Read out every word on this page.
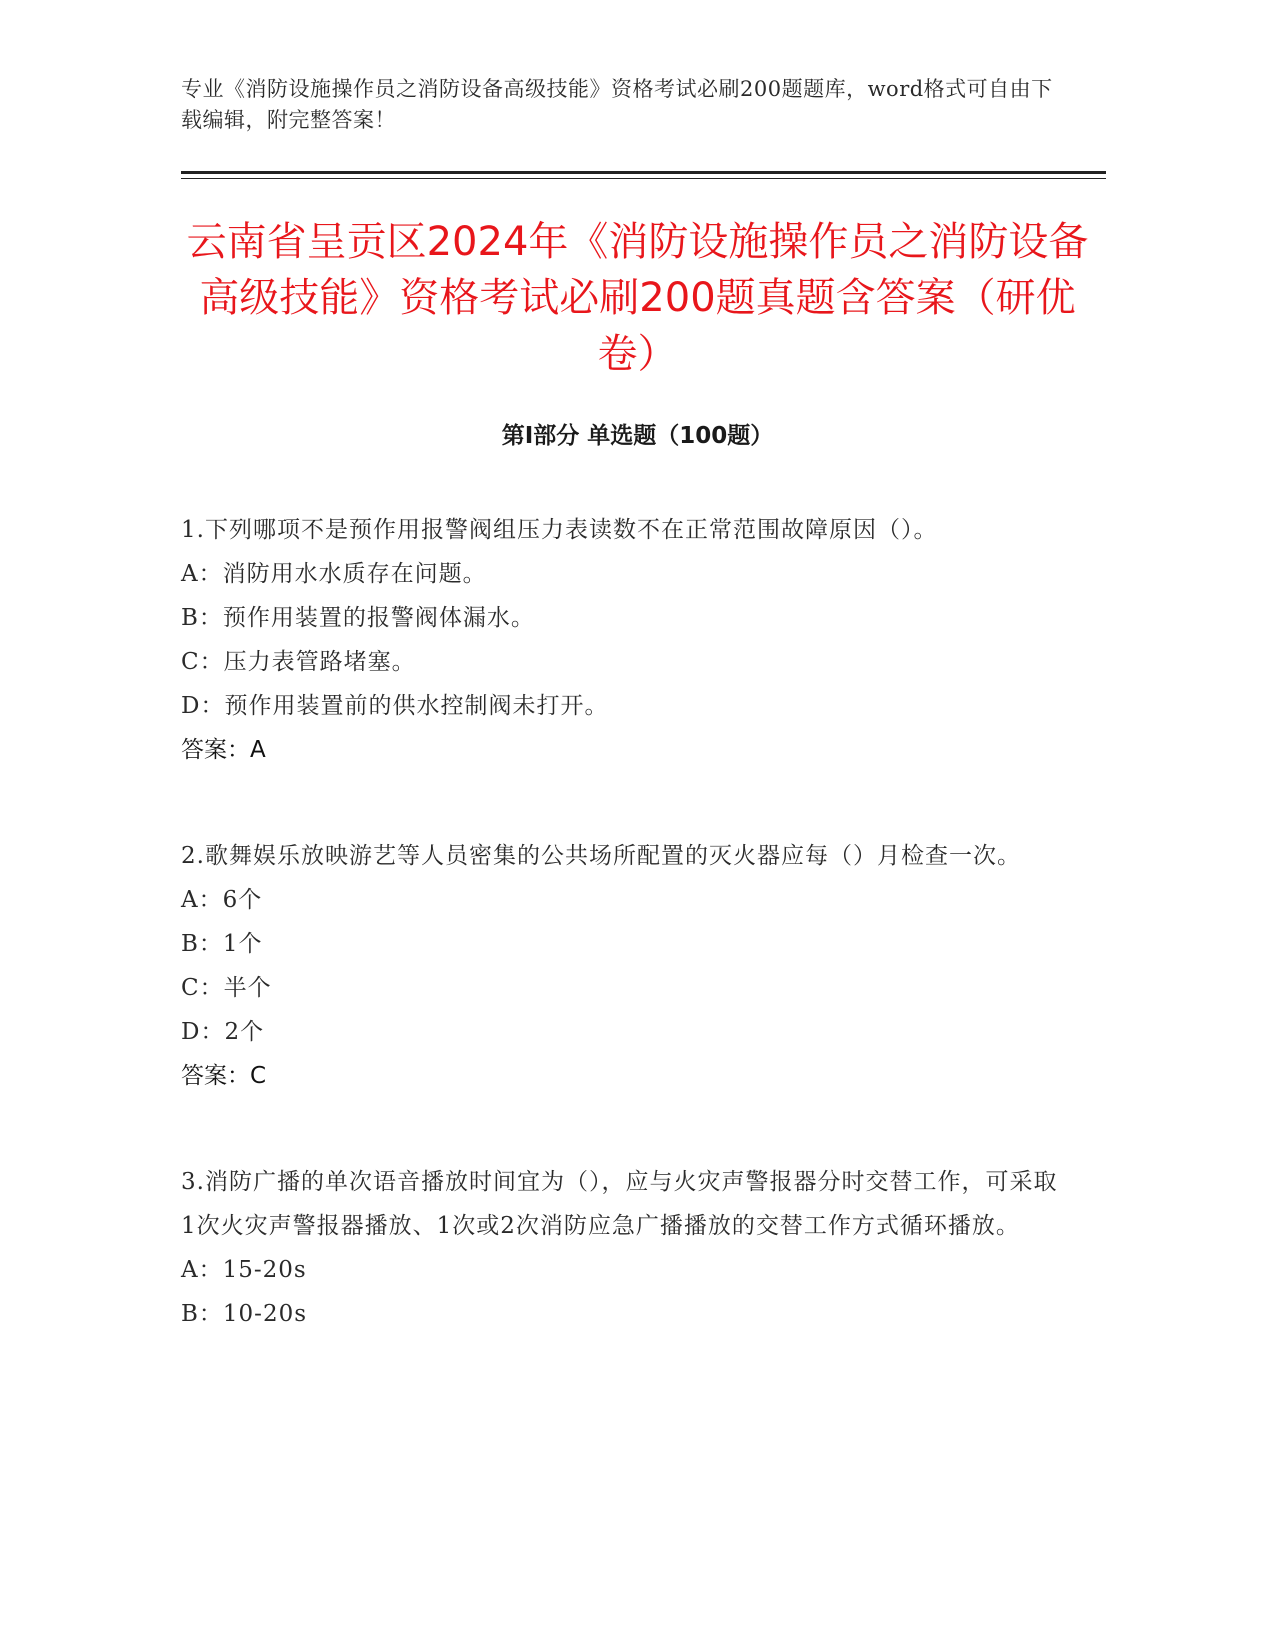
专业《消防设施操作员之消防设备高级技能》资格考试必刷200题题库，word格式可自由下载编辑，附完整答案！
云南省呈贡区2024年《消防设施操作员之消防设备高级技能》资格考试必刷200题真题含答案（研优卷）
第Ⅰ部分 单选题（100题）

1.下列哪项不是预作用报警阀组压力表读数不在正常范围故障原因（）。

A：消防用水水质存在问题。

B：预作用装置的报警阀体漏水。

C：压力表管路堵塞。

D：预作用装置前的供水控制阀未打开。

答案：A

2.歌舞娱乐放映游艺等人员密集的公共场所配置的灭火器应每（）月检查一次。

A：6个

B：1个

C：半个

D：2个

答案：C

3.消防广播的单次语音播放时间宜为（），应与火灾声警报器分时交替工作，可采取1次火灾声警报器播放、1次或2次消防应急广播播放的交替工作方式循环播放。

A：15-20s

B：10-20s
